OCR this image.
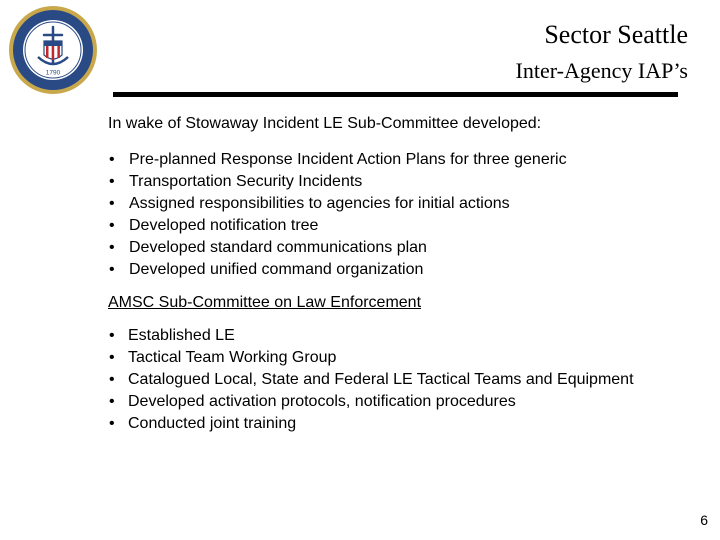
1790
Sector Seattle
Inter-Agency IAP’s

In wake of Stowaway Incident LE Sub-Committee developed:

• Pre-planned Response Incident Action Plans for three generic
• Transportation Security Incidents
• Assigned responsibilities to agencies for initial actions
• Developed notification tree
• Developed standard communications plan
• Developed unified command organization

AMSC Sub-Committee on Law Enforcement

• Established LE
• Tactical Team Working Group
• Catalogued Local, State and Federal LE Tactical Teams and Equipment
• Developed activation protocols, notification procedures
• Conducted joint training
6
